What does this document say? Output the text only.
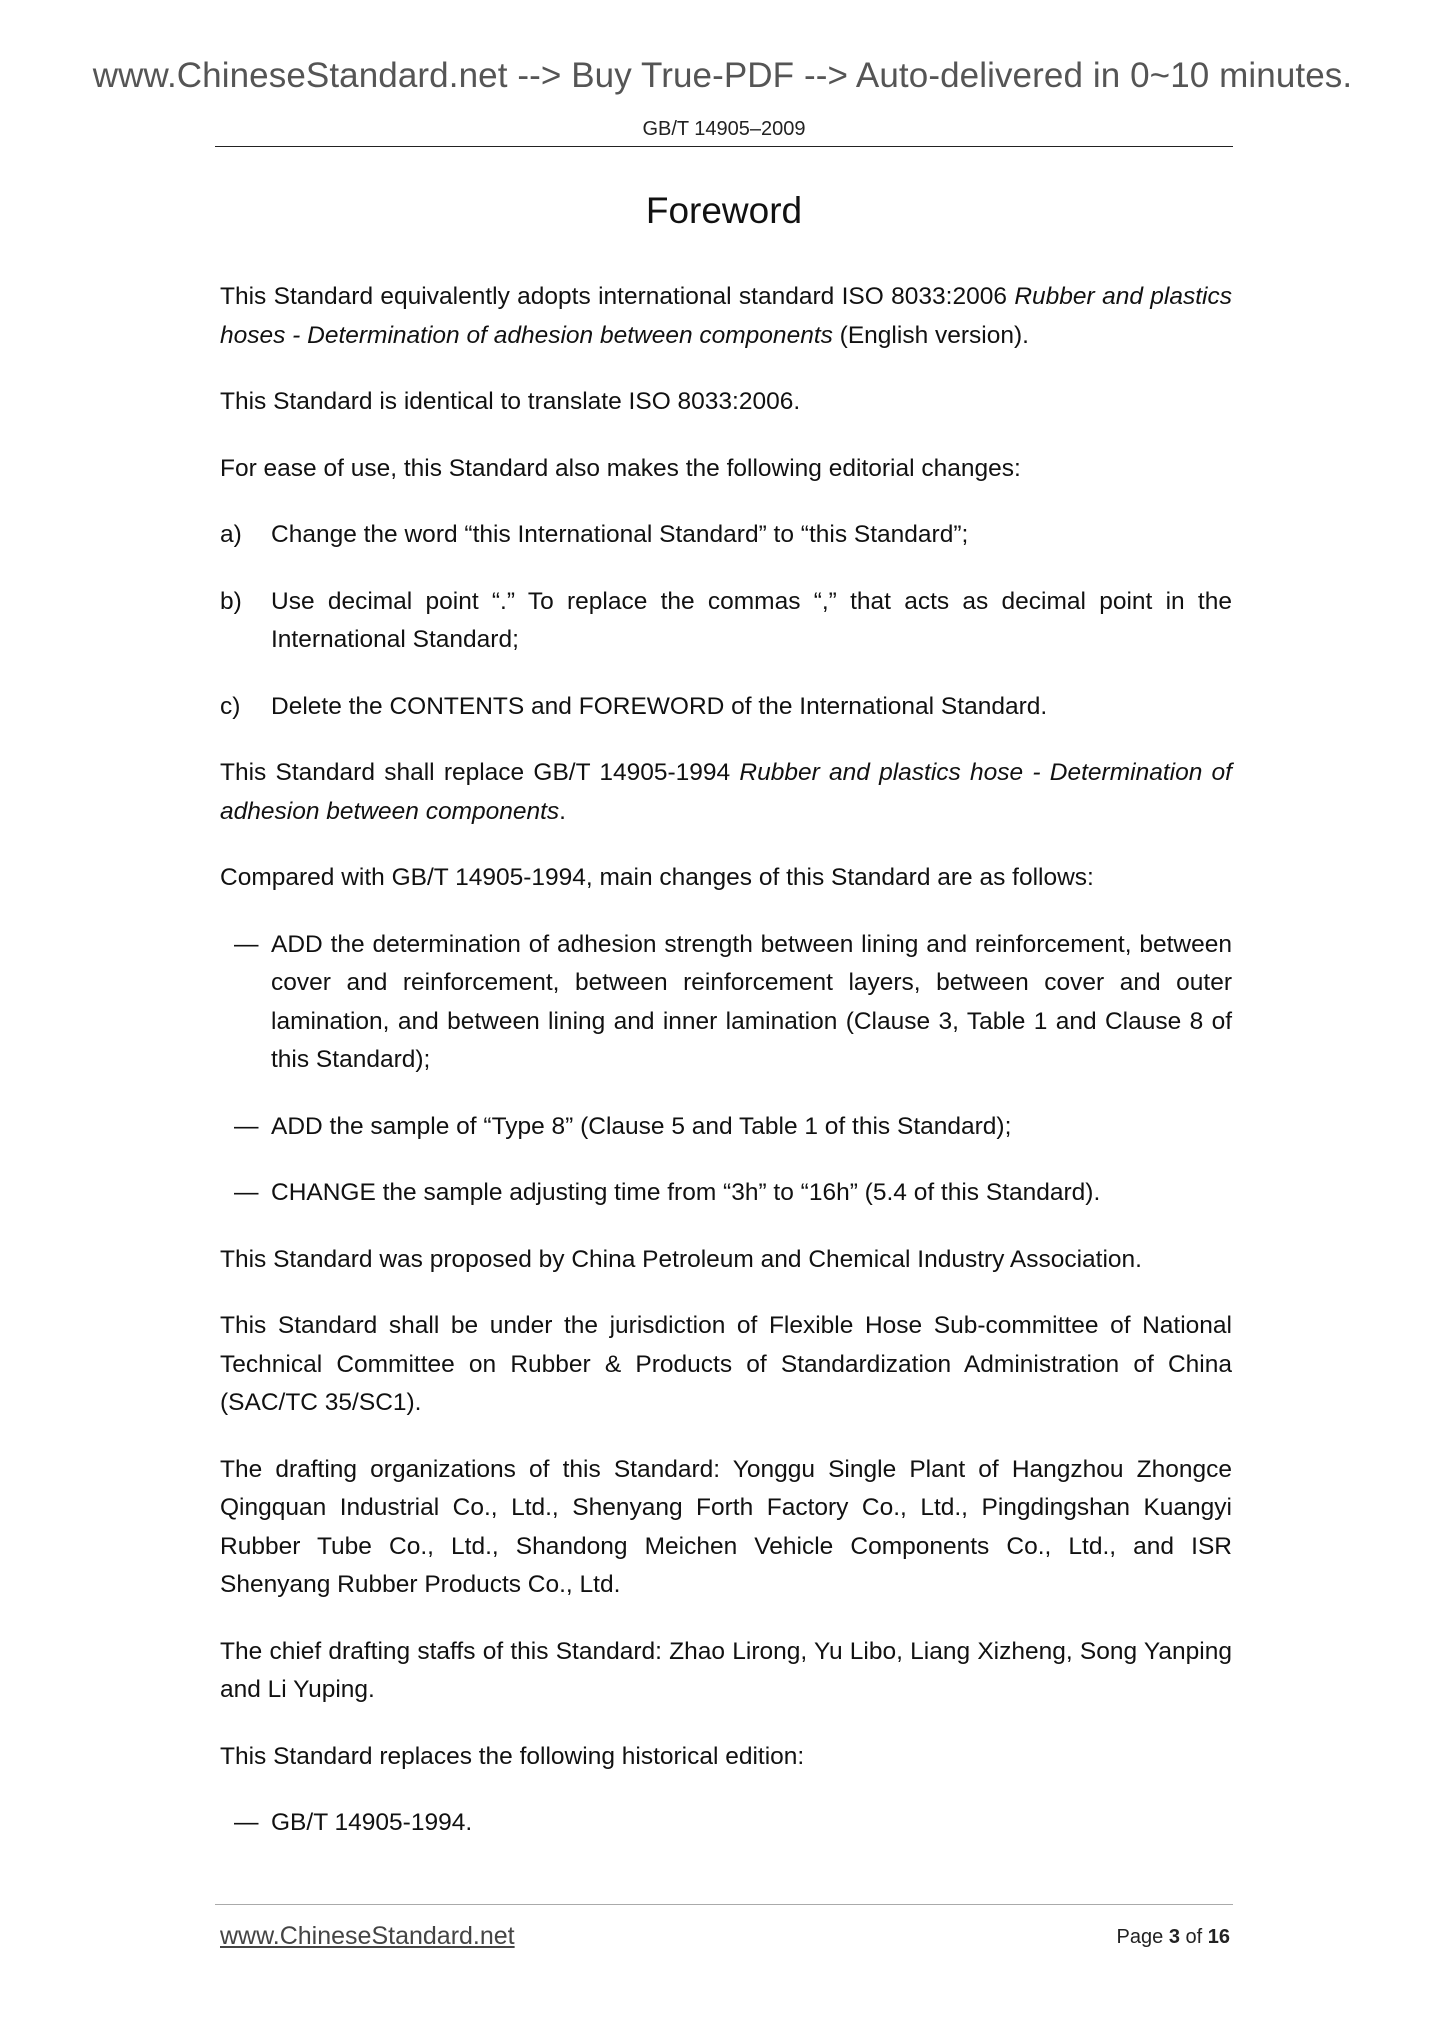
www.ChineseStandard.net --> Buy True-PDF --> Auto-delivered in 0~10 minutes.
GB/T 14905–2009
Foreword

This Standard equivalently adopts international standard ISO 8033:2006 Rubber and plastics hoses - Determination of adhesion between components (English version).

This Standard is identical to translate ISO 8033:2006.

For ease of use, this Standard also makes the following editorial changes:

a)	Change the word “this International Standard” to “this Standard”;
b)	Use decimal point “.” To replace the commas “,” that acts as decimal point in the International Standard;
c)	Delete the CONTENTS and FOREWORD of the International Standard.

This Standard shall replace GB/T 14905-1994 Rubber and plastics hose - Determination of adhesion between components.

Compared with GB/T 14905-1994, main changes of this Standard are as follows:

— ADD the determination of adhesion strength between lining and reinforcement, between cover and reinforcement, between reinforcement layers, between cover and outer lamination, and between lining and inner lamination (Clause 3, Table 1 and Clause 8 of this Standard);
— ADD the sample of “Type 8” (Clause 5 and Table 1 of this Standard);
— CHANGE the sample adjusting time from “3h” to “16h” (5.4 of this Standard).

This Standard was proposed by China Petroleum and Chemical Industry Association.

This Standard shall be under the jurisdiction of Flexible Hose Sub-committee of National Technical Committee on Rubber & Products of Standardization Administration of China (SAC/TC 35/SC1).

The drafting organizations of this Standard: Yonggu Single Plant of Hangzhou Zhongce Qingquan Industrial Co., Ltd., Shenyang Forth Factory Co., Ltd., Pingdingshan Kuangyi Rubber Tube Co., Ltd., Shandong Meichen Vehicle Components Co., Ltd., and ISR Shenyang Rubber Products Co., Ltd.

The chief drafting staffs of this Standard: Zhao Lirong, Yu Libo, Liang Xizheng, Song Yanping and Li Yuping.

This Standard replaces the following historical edition:

— GB/T 14905-1994.
www.ChineseStandard.net	Page 3 of 16
